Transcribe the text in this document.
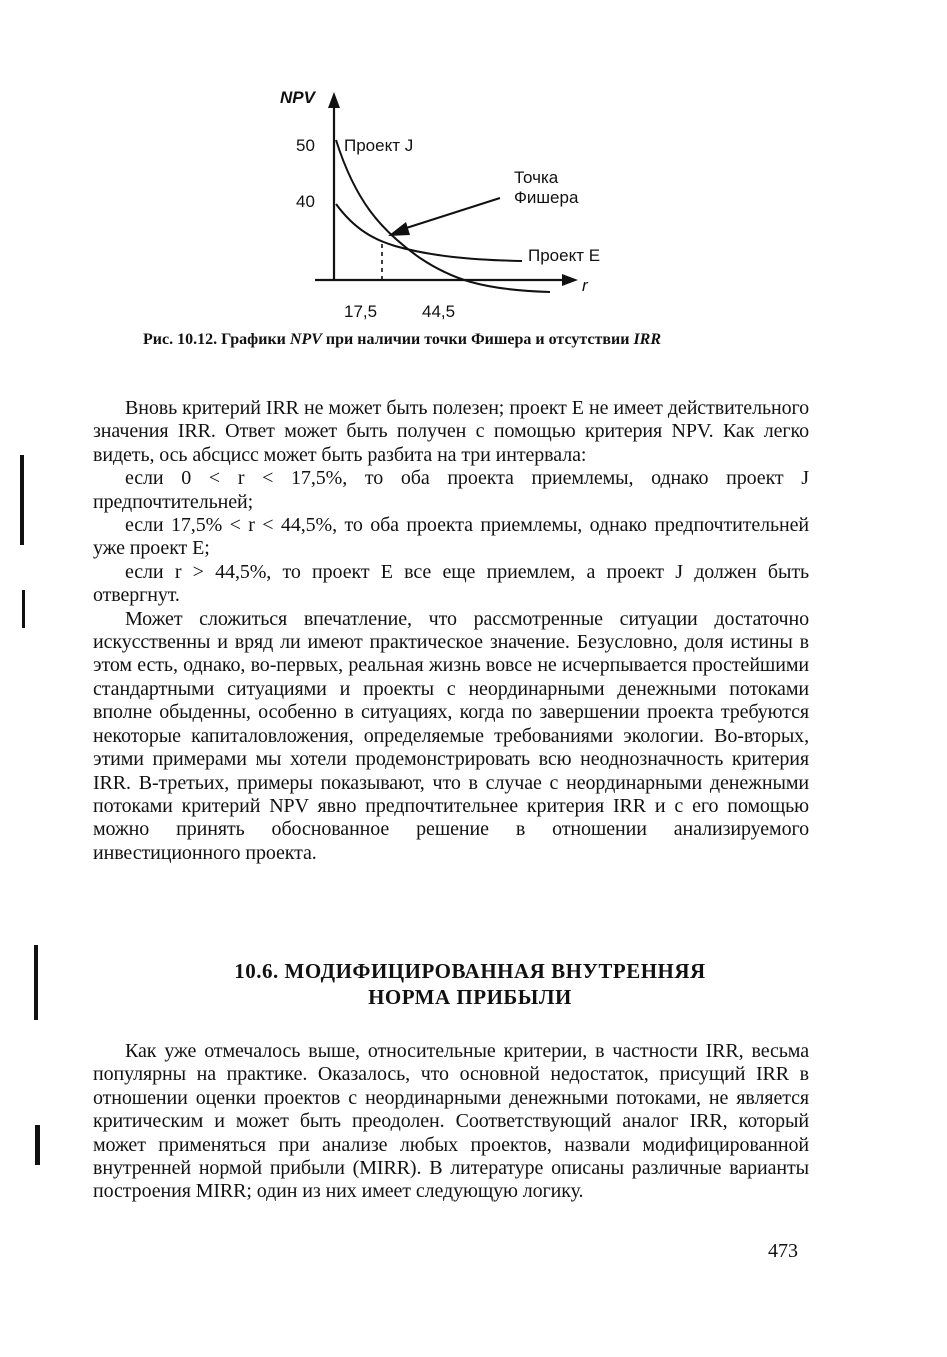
NPV
50
40
Проект J
Точка
Фишера
Проект E
r
17,5	44,5
Рис. 10.12. Графики NPV при наличии точки Фишера и отсутствии IRR

Вновь критерий IRR не может быть полезен; проект E не имеет действительного значения IRR. Ответ может быть получен с помощью критерия NPV. Как легко видеть, ось абсцисс может быть разбита на три интервала:

если 0 < r < 17,5%, то оба проекта приемлемы, однако проект J предпочтительней;

если 17,5% < r < 44,5%, то оба проекта приемлемы, однако предпочтительней уже проект E;

если r > 44,5%, то проект E все еще приемлем, а проект J должен быть отвергнут.

Может сложиться впечатление, что рассмотренные ситуации достаточно искусственны и вряд ли имеют практическое значение. Безусловно, доля истины в этом есть, однако, во-первых, реальная жизнь вовсе не исчерпывается простейшими стандартными ситуациями и проекты с неординарными денежными потоками вполне обыденны, особенно в ситуациях, когда по завершении проекта требуются некоторые капиталовложения, определяемые требованиями экологии. Во-вторых, этими примерами мы хотели продемонстрировать всю неоднозначность критерия IRR. В-третьих, примеры показывают, что в случае с неординарными денежными потоками критерий NPV явно предпочтительнее критерия IRR и с его помощью можно принять обоснованное решение в отношении анализируемого инвестиционного проекта.

10.6. МОДИФИЦИРОВАННАЯ ВНУТРЕННЯЯ
НОРМА ПРИБЫЛИ

Как уже отмечалось выше, относительные критерии, в частности IRR, весьма популярны на практике. Оказалось, что основной недостаток, присущий IRR в отношении оценки проектов с неординарными денежными потоками, не является критическим и может быть преодолен. Соответствующий аналог IRR, который может применяться при анализе любых проектов, назвали модифицированной внутренней нормой прибыли (MIRR). В литературе описаны различные варианты построения MIRR; один из них имеет следующую логику.

473
